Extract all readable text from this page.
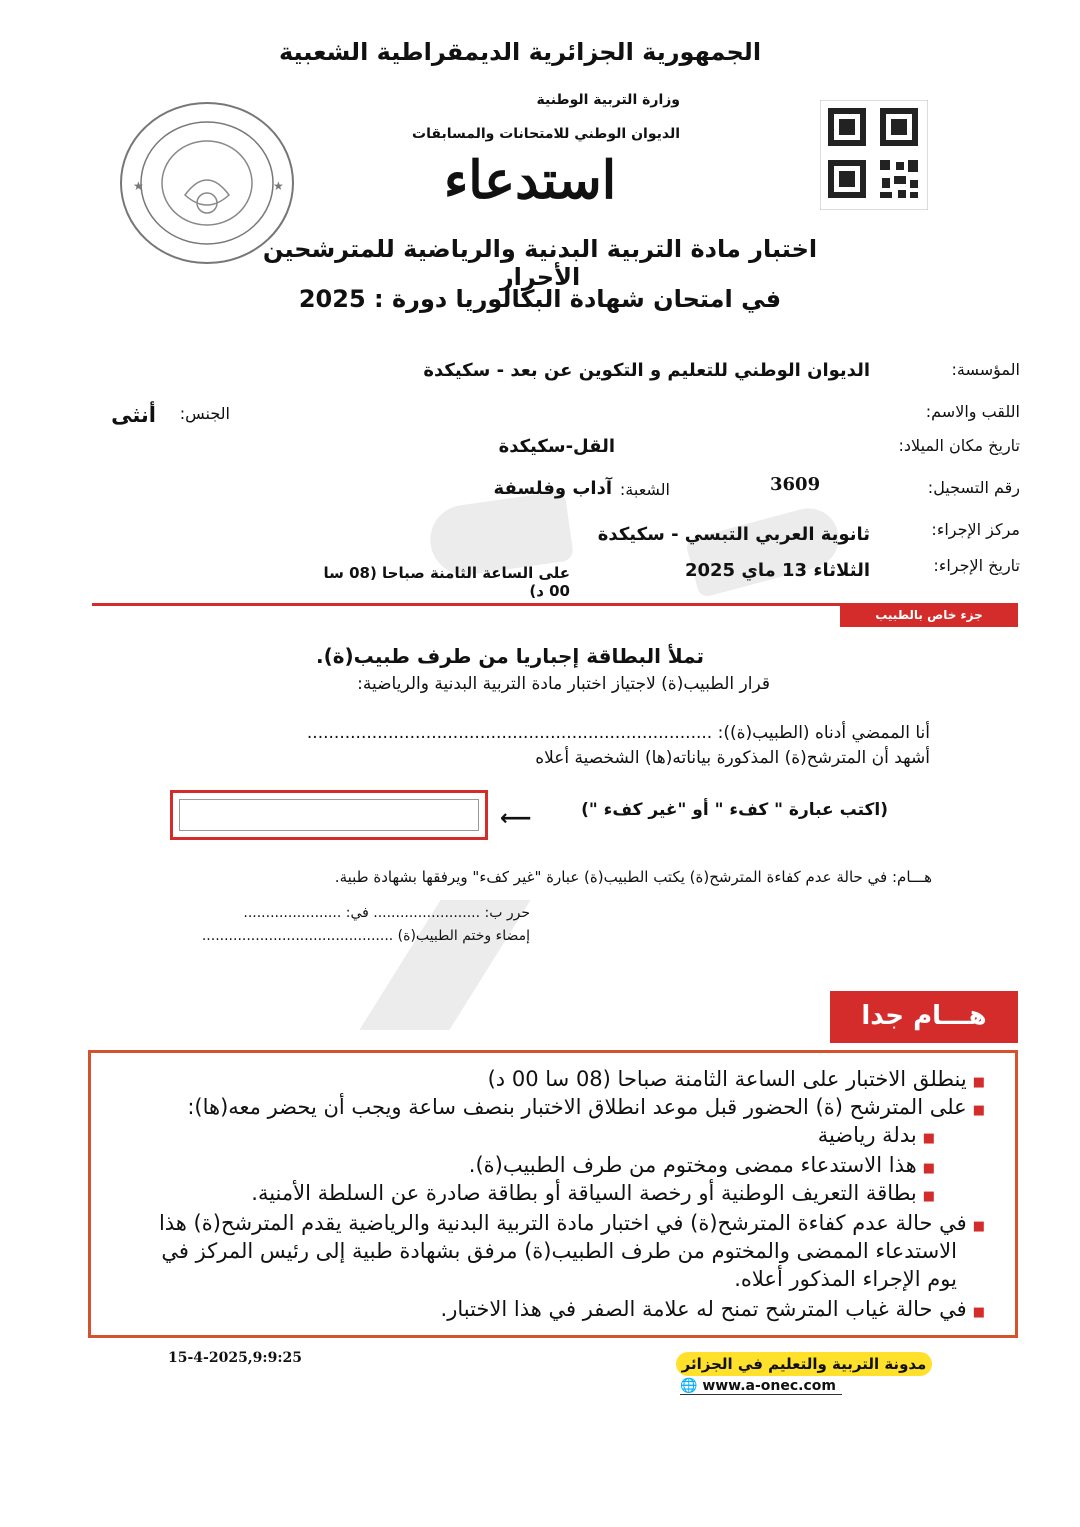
الجمهورية الجزائرية الديمقراطية الشعبية
وزارة التربية الوطنية
الديوان الوطني للامتحانات والمسابقات
استدعاء
اختبار مادة التربية البدنية والرياضية للمترشحين الأحرار
في امتحان شهادة البكالوريا دورة : 2025
★	★
المؤسسة:
الديوان الوطني للتعليم و التكوين عن بعد - سكيكدة
اللقب والاسم:
الجنس:
أنثى
تاريخ مكان الميلاد:
القل-سكيكدة
رقم التسجيل:
3609
الشعبة:
آداب وفلسفة
مركز الإجراء:
ثانوية العربي التبسي - سكيكدة
تاريخ الإجراء:
الثلاثاء 13 ماي 2025
على الساعة الثامنة صباحا (08 سا 00 د)
جزء خاص بالطبيب
تملأ البطاقة إجباريا من طرف طبيب(ة).
قرار الطبيب(ة) لاجتياز اختبار مادة التربية البدنية والرياضية:
أنا الممضي أدناه (الطبيب(ة)): ...........................................................................
أشهد أن المترشح(ة) المذكورة بياناته(ها) الشخصية أعلاه
(اكتب عبارة " كفء " أو "غير كفء ")
⟵
هـــام: في حالة عدم كفاءة المترشح(ة) يكتب الطبيب(ة) عبارة "غير كفء" ويرفقها بشهادة طبية.
حرر ب: ........................ في: ......................
إمضاء وختم الطبيب(ة) ...........................................
هـــام جدا
■ينطلق الاختبار على الساعة الثامنة صباحا (08 سا 00 د)
■على المترشح (ة) الحضور قبل موعد انطلاق الاختبار بنصف ساعة ويجب أن يحضر معه(ها):
■بدلة رياضية
■هذا الاستدعاء ممضى ومختوم من طرف الطبيب(ة).
■بطاقة التعريف الوطنية أو رخصة السياقة أو بطاقة صادرة عن السلطة الأمنية.
■في حالة عدم كفاءة المترشح(ة) في اختبار مادة التربية البدنية والرياضية يقدم المترشح(ة) هذا
الاستدعاء الممضى والمختوم من طرف الطبيب(ة) مرفق بشهادة طبية إلى رئيس المركز في
يوم الإجراء المذكور أعلاه.
■في حالة غياب المترشح تمنح له علامة الصفر في هذا الاختبار.
15-4-2025,9:9:25	مدونة التربية والتعليم في الجزائر
🌐 www.a-onec.com
